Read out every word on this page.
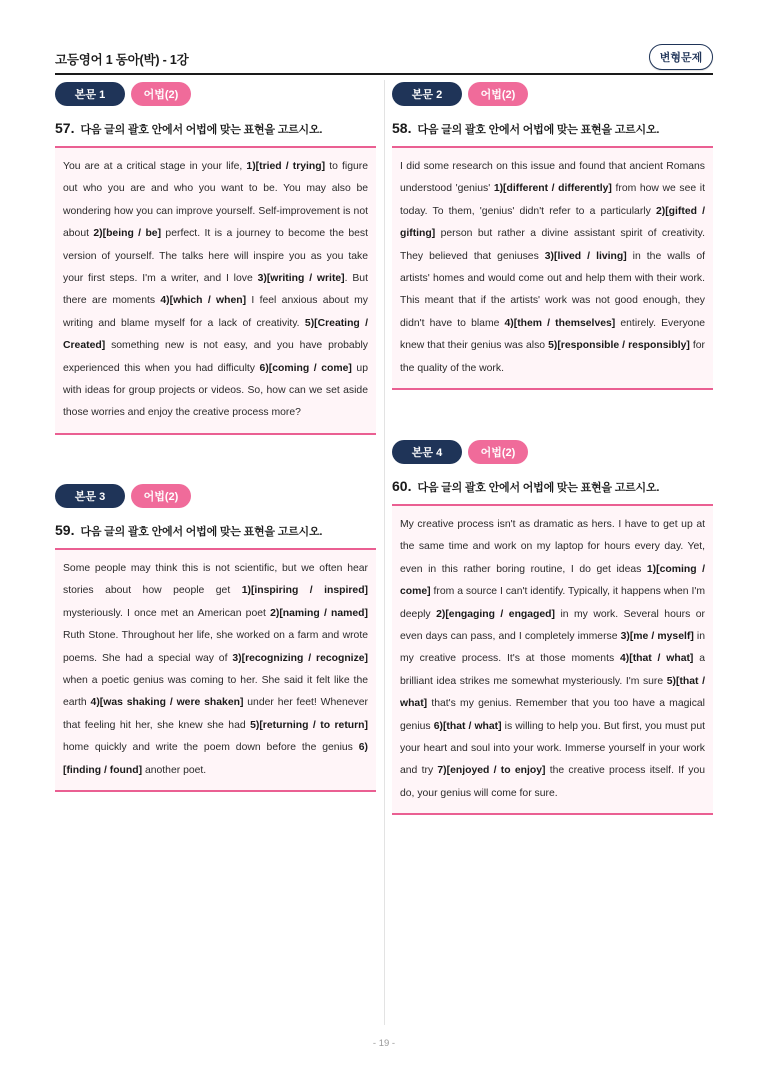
고등영어 1 동아(박) - 1강	변형문제
본문 1	어법(2)
57. 다음 글의 괄호 안에서 어법에 맞는 표현을 고르시오.
You are at a critical stage in your life, 1)[tried / trying] to figure out who you are and who you want to be. You may also be wondering how you can improve yourself. Self-improvement is not about 2)[being / be] perfect. It is a journey to become the best version of yourself. The talks here will inspire you as you take your first steps. I'm a writer, and I love 3)[writing / write]. But there are moments 4)[which / when] I feel anxious about my writing and blame myself for a lack of creativity. 5)[Creating / Created] something new is not easy, and you have probably experienced this when you had difficulty 6)[coming / come] up with ideas for group projects or videos. So, how can we set aside those worries and enjoy the creative process more?
본문 2	어법(2)
58. 다음 글의 괄호 안에서 어법에 맞는 표현을 고르시오.
I did some research on this issue and found that ancient Romans understood 'genius' 1)[different / differently] from how we see it today. To them, 'genius' didn't refer to a particularly 2)[gifted / gifting] person but rather a divine assistant spirit of creativity. They believed that geniuses 3)[lived / living] in the walls of artists' homes and would come out and help them with their work. This meant that if the artists' work was not good enough, they didn't have to blame 4)[them / themselves] entirely. Everyone knew that their genius was also 5)[responsible / responsibly] for the quality of the work.
본문 3	어법(2)
59. 다음 글의 괄호 안에서 어법에 맞는 표현을 고르시오.
Some people may think this is not scientific, but we often hear stories about how people get 1)[inspiring / inspired] mysteriously. I once met an American poet 2)[naming / named] Ruth Stone. Throughout her life, she worked on a farm and wrote poems. She had a special way of 3)[recognizing / recognize] when a poetic genius was coming to her. She said it felt like the earth 4)[was shaking / were shaken] under her feet! Whenever that feeling hit her, she knew she had 5)[returning / to return] home quickly and write the poem down before the genius 6)[finding / found] another poet.
본문 4	어법(2)
60. 다음 글의 괄호 안에서 어법에 맞는 표현을 고르시오.
My creative process isn't as dramatic as hers. I have to get up at the same time and work on my laptop for hours every day. Yet, even in this rather boring routine, I do get ideas 1)[coming / come] from a source I can't identify. Typically, it happens when I'm deeply 2)[engaging / engaged] in my work. Several hours or even days can pass, and I completely immerse 3)[me / myself] in my creative process. It's at those moments 4)[that / what] a brilliant idea strikes me somewhat mysteriously. I'm sure 5)[that / what] that's my genius. Remember that you too have a magical genius 6)[that / what] is willing to help you. But first, you must put your heart and soul into your work. Immerse yourself in your work and try 7)[enjoyed / to enjoy] the creative process itself. If you do, your genius will come for sure.
- 19 -
